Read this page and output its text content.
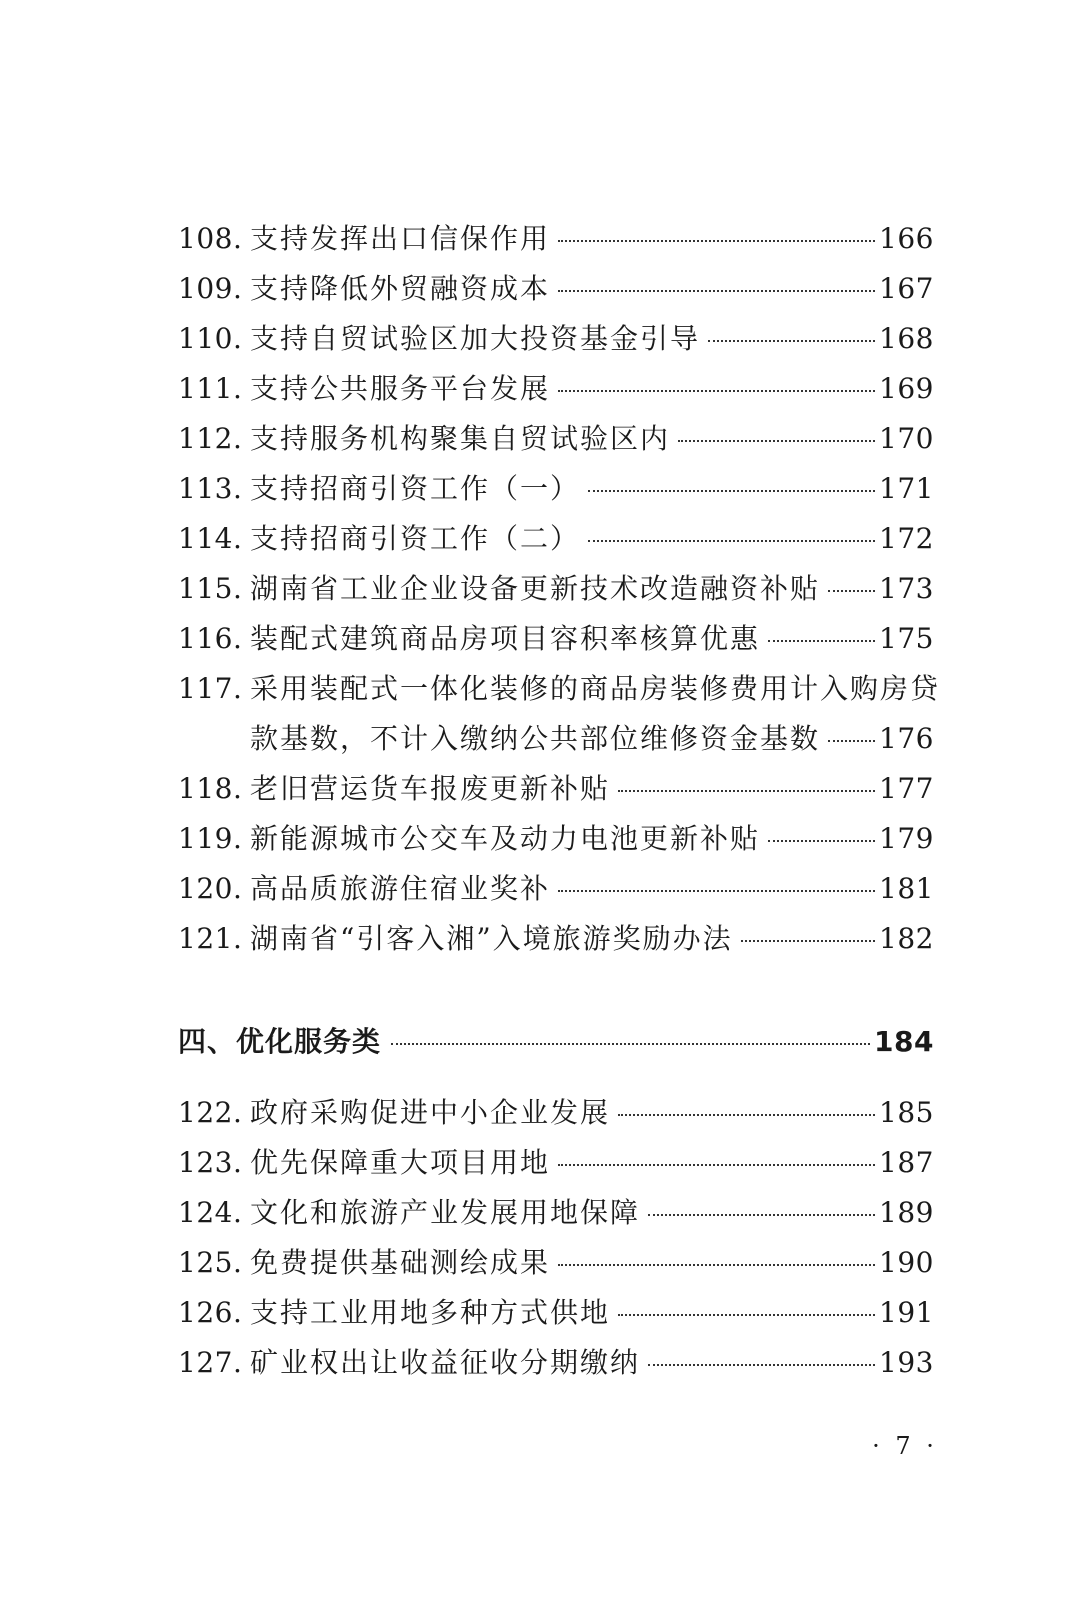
108. 支持发挥出口信保作用	166
109. 支持降低外贸融资成本	167
110. 支持自贸试验区加大投资基金引导	168
111. 支持公共服务平台发展	169
112. 支持服务机构聚集自贸试验区内	170
113. 支持招商引资工作（一）	171
114. 支持招商引资工作（二）	172
115. 湖南省工业企业设备更新技术改造融资补贴 173
116. 装配式建筑商品房项目容积率核算优惠	175
117. 采用装配式一体化装修的商品房装修费用计入购房贷
款基数，不计入缴纳公共部位维修资金基数 176
118. 老旧营运货车报废更新补贴	177
119. 新能源城市公交车及动力电池更新补贴	179
120. 高品质旅游住宿业奖补	181
121. 湖南省“引客入湘”入境旅游奖励办法	182
四、优化服务类	184
122. 政府采购促进中小企业发展	185
123. 优先保障重大项目用地	187
124. 文化和旅游产业发展用地保障	189
125. 免费提供基础测绘成果	190
126. 支持工业用地多种方式供地	191
127. 矿业权出让收益征收分期缴纳	193
· 7 ·
